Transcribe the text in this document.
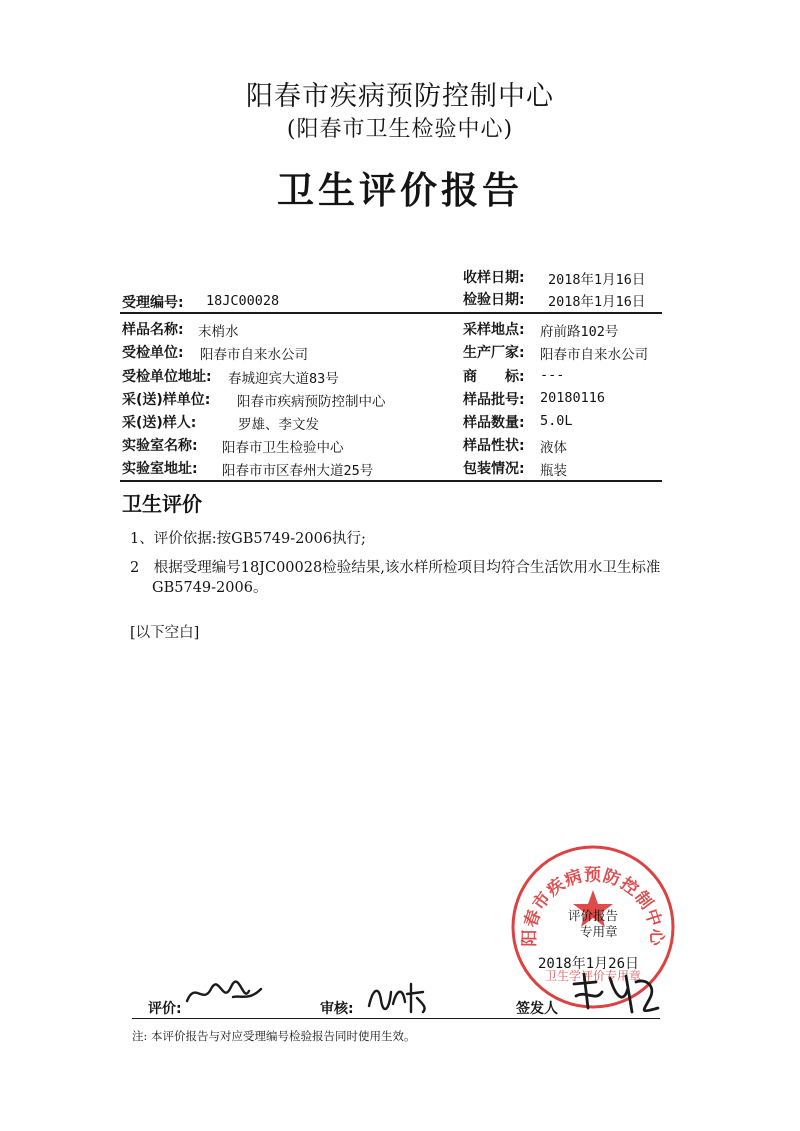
阳春市疾病预防控制中心
(阳春市卫生检验中心)
卫生评价报告
收样日期: 2018年1月16日
检验日期: 2018年1月16日
受理编号: 18JC00028
样品名称: 末梢水
受检单位: 阳春市自来水公司
受检单位地址: 春城迎宾大道83号
采(送)样单位: 阳春市疾病预防控制中心
采(送)样人:	罗雄、李文发
实验室名称: 阳春市卫生检验中心
实验室地址: 阳春市市区春州大道25号
采样地点: 府前路102号
生产厂家: 阳春市自来水公司
商　　标: ---
样品批号: 20180116
样品数量: 5.0L
样品性状: 液体
包装情况: 瓶装
卫生评价
1、评价依据:按GB5749-2006执行;
2　根据受理编号18JC00028检验结果,该水样所检项目均符合生活饮用水卫生标准
GB5749-2006。
[以下空白]
阳春市疾病预防控制中心
卫生学评价专用章
评价报告
专用章
2018年1月26日
评价:	审核:	签发人
注: 本评价报告与对应受理编号检验报告同时使用生效。
